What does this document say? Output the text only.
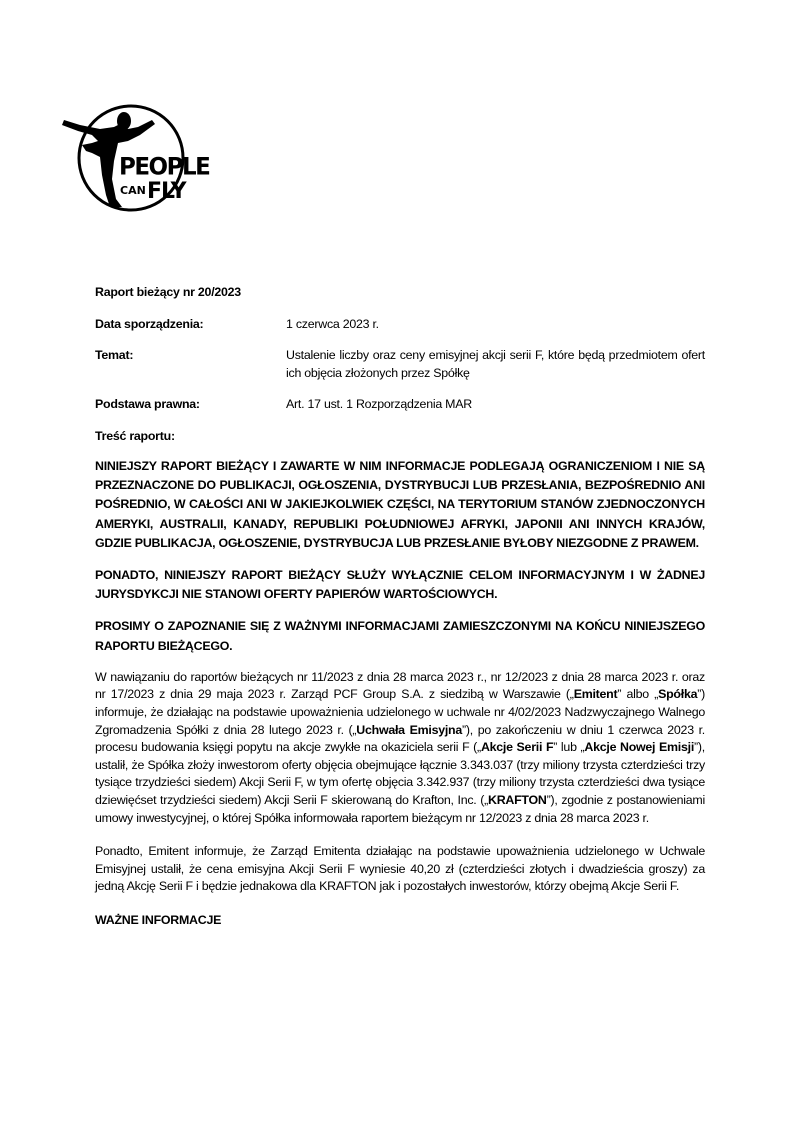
PEOPLE
CAN FLY
Raport bieżący nr 20/2023
Data sporządzenia:	1 czerwca 2023 r.
Temat:	Ustalenie liczby oraz ceny emisyjnej akcji serii F, które będą przedmiotem ofert ich objęcia złożonych przez Spółkę
Podstawa prawna:	Art. 17 ust. 1 Rozporządzenia MAR
Treść raportu:

NINIEJSZY RAPORT BIEŻĄCY I ZAWARTE W NIM INFORMACJE PODLEGAJĄ OGRANICZENIOM I NIE SĄ PRZEZNACZONE DO PUBLIKACJI, OGŁOSZENIA, DYSTRYBUCJI LUB PRZESŁANIA, BEZPOŚREDNIO ANI POŚREDNIO, W CAŁOŚCI ANI W JAKIEJKOLWIEK CZĘŚCI, NA TERYTORIUM STANÓW ZJEDNOCZONYCH AMERYKI, AUSTRALII, KANADY, REPUBLIKI POŁUDNIOWEJ AFRYKI, JAPONII ANI INNYCH KRAJÓW, GDZIE PUBLIKACJA, OGŁOSZENIE, DYSTRYBUCJA LUB PRZESŁANIE BYŁOBY NIEZGODNE Z PRAWEM.

PONADTO, NINIEJSZY RAPORT BIEŻĄCY SŁUŻY WYŁĄCZNIE CELOM INFORMACYJNYM I W ŻADNEJ JURYSDYKCJI NIE STANOWI OFERTY PAPIERÓW WARTOŚCIOWYCH.

PROSIMY O ZAPOZNANIE SIĘ Z WAŻNYMI INFORMACJAMI ZAMIESZCZONYMI NA KOŃCU NINIEJSZEGO RAPORTU BIEŻĄCEGO.

W nawiązaniu do raportów bieżących nr 11/2023 z dnia 28 marca 2023 r., nr 12/2023 z dnia 28 marca 2023 r. oraz nr 17/2023 z dnia 29 maja 2023 r. Zarząd PCF Group S.A. z siedzibą w Warszawie („Emitent” albo „Spółka”) informuje, że działając na podstawie upoważnienia udzielonego w uchwale nr 4/02/2023 Nadzwyczajnego Walnego Zgromadzenia Spółki z dnia 28 lutego 2023 r. („Uchwała Emisyjna”), po zakończeniu w dniu 1 czerwca 2023 r. procesu budowania księgi popytu na akcje zwykłe na okaziciela serii F („Akcje Serii F” lub „Akcje Nowej Emisji”), ustalił, że Spółka złoży inwestorom oferty objęcia obejmujące łącznie 3.343.037 (trzy miliony trzysta czterdzieści trzy tysiące trzydzieści siedem) Akcji Serii F, w tym ofertę objęcia 3.342.937 (trzy miliony trzysta czterdzieści dwa tysiące dziewięćset trzydzieści siedem) Akcji Serii F skierowaną do Krafton, Inc. („KRAFTON”), zgodnie z postanowieniami umowy inwestycyjnej, o której Spółka informowała raportem bieżącym nr 12/2023 z dnia 28 marca 2023 r.

Ponadto, Emitent informuje, że Zarząd Emitenta działając na podstawie upoważnienia udzielonego w Uchwale Emisyjnej ustalił, że cena emisyjna Akcji Serii F wyniesie 40,20 zł (czterdzieści złotych i dwadzieścia groszy) za jedną Akcję Serii F i będzie jednakowa dla KRAFTON jak i pozostałych inwestorów, którzy obejmą Akcje Serii F.

WAŻNE INFORMACJE
